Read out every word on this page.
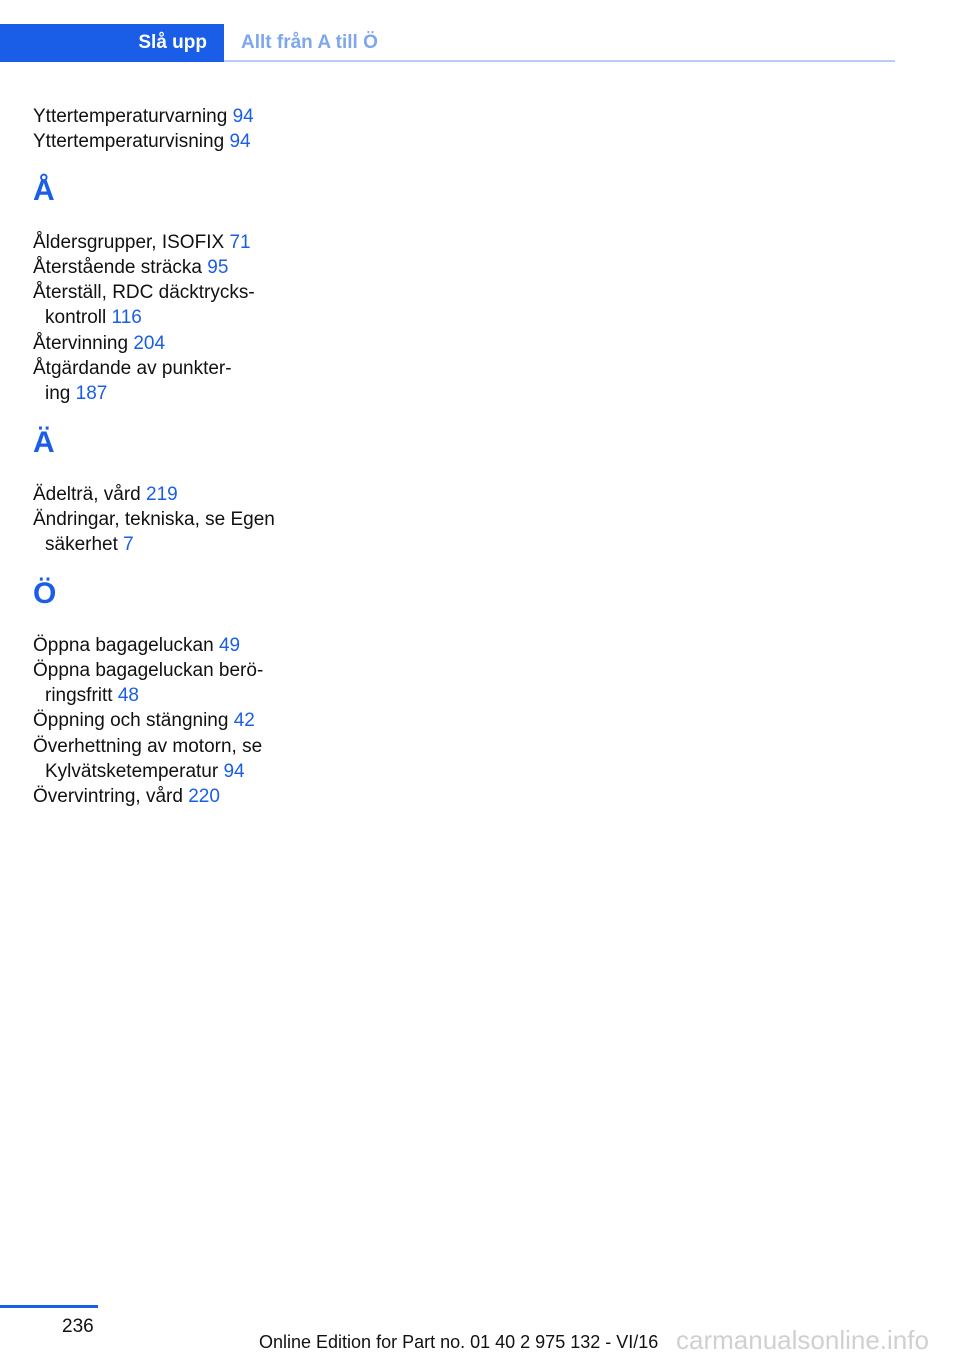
Slå upp Allt från A till Ö

Yttertemperaturvarning 94

Yttertemperaturvisning 94

Å

Åldersgrupper, ISOFIX 71

Återstående sträcka 95

Återställ, RDC däcktrycks-
kontroll 116

Återvinning 204

Åtgärdande av punkter-
ing 187

Ä

Ädelträ, vård 219

Ändringar, tekniska, se Egen
säkerhet 7

Ö

Öppna bagageluckan 49

Öppna bagageluckan berö-
ringsfritt 48

Öppning och stängning 42

Överhettning av motorn, se
Kylvätsketemperatur 94

Övervintring, vård 220

236
Online Edition for Part no. 01 40 2 975 132 - VI/16 carmanualsonline.info
